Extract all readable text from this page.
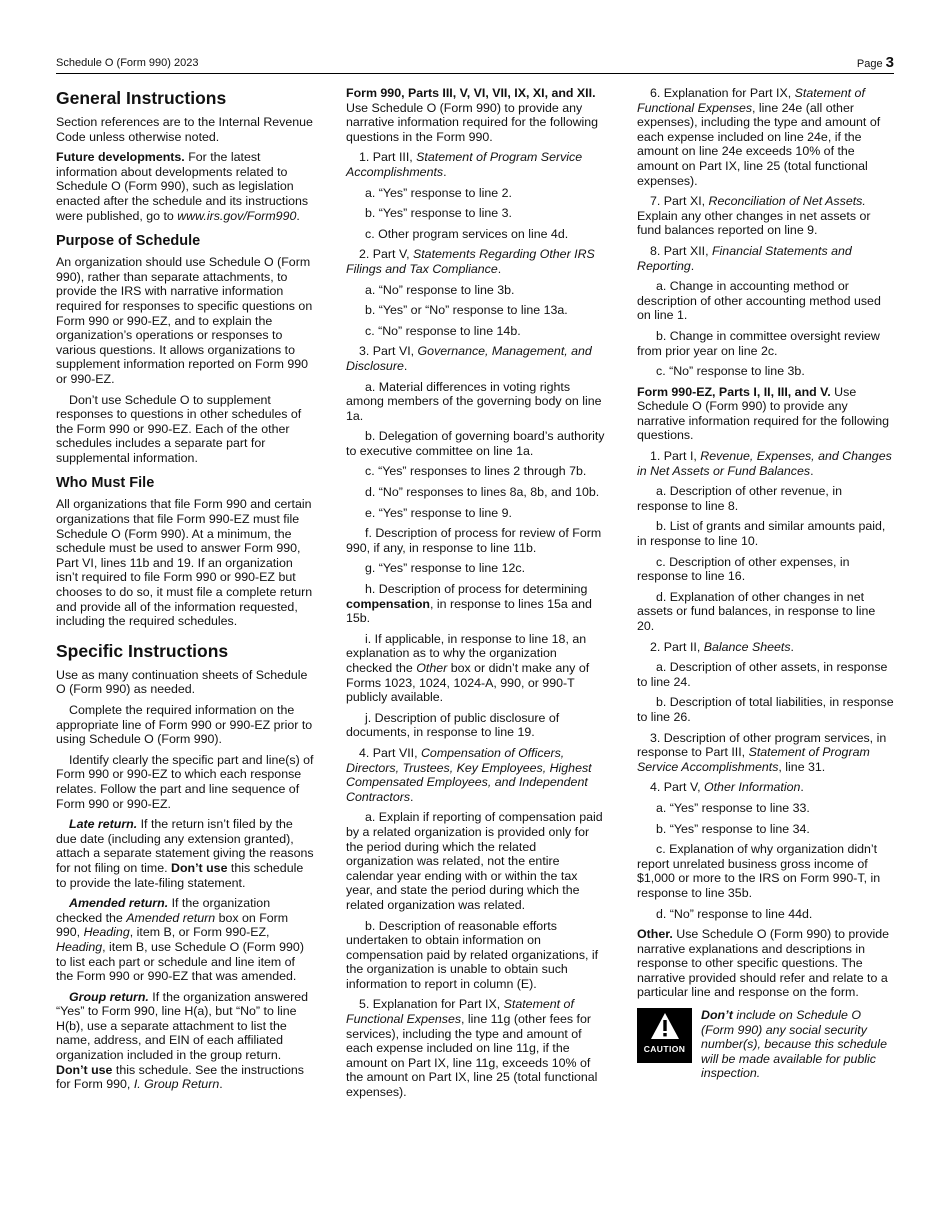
Schedule O (Form 990) 2023	Page 3
General Instructions

Section references are to the Internal Revenue Code unless otherwise noted.

Future developments. For the latest information about developments related to Schedule O (Form 990), such as legislation enacted after the schedule and its instructions were published, go to www.irs.gov/Form990.

Purpose of Schedule

An organization should use Schedule O (Form 990), rather than separate attachments, to provide the IRS with narrative information required for responses to specific questions on Form 990 or 990-EZ, and to explain the organization’s operations or responses to various questions. It allows organizations to supplement information reported on Form 990 or 990-EZ.

Don’t use Schedule O to supplement responses to questions in other schedules of the Form 990 or 990-EZ. Each of the other schedules includes a separate part for supplemental information.

Who Must File

All organizations that file Form 990 and certain organizations that file Form 990-EZ must file Schedule O (Form 990). At a minimum, the schedule must be used to answer Form 990, Part VI, lines 11b and 19. If an organization isn’t required to file Form 990 or 990-EZ but chooses to do so, it must file a complete return and provide all of the information requested, including the required schedules.

Specific Instructions

Use as many continuation sheets of Schedule O (Form 990) as needed.

Complete the required information on the appropriate line of Form 990 or 990-EZ prior to using Schedule O (Form 990).

Identify clearly the specific part and line(s) of Form 990 or 990-EZ to which each response relates. Follow the part and line sequence of Form 990 or 990-EZ.

Late return. If the return isn’t filed by the due date (including any extension granted), attach a separate statement giving the reasons for not filing on time. Don’t use this schedule to provide the late-filing statement.

Amended return. If the organization checked the Amended return box on Form 990, Heading, item B, or Form 990-EZ, Heading, item B, use Schedule O (Form 990) to list each part or schedule and line item of the Form 990 or 990-EZ that was amended.

Group return. If the organization answered “Yes” to Form 990, line H(a), but “No” to line H(b), use a separate attachment to list the name, address, and EIN of each affiliated organization included in the group return. Don’t use this schedule. See the instructions for Form 990, I. Group Return.

Form 990, Parts III, V, VI, VII, IX, XI, and XII. Use Schedule O (Form 990) to provide any narrative information required for the following questions in the Form 990.

1. Part III, Statement of Program Service Accomplishments.

a. “Yes” response to line 2.

b. “Yes” response to line 3.

c. Other program services on line 4d.

2. Part V, Statements Regarding Other IRS Filings and Tax Compliance.

a. “No” response to line 3b.

b. “Yes” or “No” response to line 13a.

c. “No” response to line 14b.

3. Part VI, Governance, Management, and Disclosure.

a. Material differences in voting rights among members of the governing body on line 1a.

b. Delegation of governing board’s authority to executive committee on line 1a.

c. “Yes” responses to lines 2 through 7b.

d. “No” responses to lines 8a, 8b, and 10b.

e. “Yes” response to line 9.

f. Description of process for review of Form 990, if any, in response to line 11b.

g. “Yes” response to line 12c.

h. Description of process for determining compensation, in response to lines 15a and 15b.

i. If applicable, in response to line 18, an explanation as to why the organization checked the Other box or didn’t make any of Forms 1023, 1024, 1024-A, 990, or 990-T publicly available.

j. Description of public disclosure of documents, in response to line 19.

4. Part VII, Compensation of Officers, Directors, Trustees, Key Employees, Highest Compensated Employees, and Independent Contractors.

a. Explain if reporting of compensation paid by a related organization is provided only for the period during which the related organization was related, not the entire calendar year ending with or within the tax year, and state the period during which the related organization was related.

b. Description of reasonable efforts undertaken to obtain information on compensation paid by related organizations, if the organization is unable to obtain such information to report in column (E).

5. Explanation for Part IX, Statement of Functional Expenses, line 11g (other fees for services), including the type and amount of each expense included on line 11g, if the amount on Part IX, line 11g, exceeds 10% of the amount on Part IX, line 25 (total functional expenses).

6. Explanation for Part IX, Statement of Functional Expenses, line 24e (all other expenses), including the type and amount of each expense included on line 24e, if the amount on line 24e exceeds 10% of the amount on Part IX, line 25 (total functional expenses).

7. Part XI, Reconciliation of Net Assets. Explain any other changes in net assets or fund balances reported on line 9.

8. Part XII, Financial Statements and Reporting.

a. Change in accounting method or description of other accounting method used on line 1.

b. Change in committee oversight review from prior year on line 2c.

c. “No” response to line 3b.

Form 990-EZ, Parts I, II, III, and V. Use Schedule O (Form 990) to provide any narrative information required for the following questions.

1. Part I, Revenue, Expenses, and Changes in Net Assets or Fund Balances.

a. Description of other revenue, in response to line 8.

b. List of grants and similar amounts paid, in response to line 10.

c. Description of other expenses, in response to line 16.

d. Explanation of other changes in net assets or fund balances, in response to line 20.

2. Part II, Balance Sheets.

a. Description of other assets, in response to line 24.

b. Description of total liabilities, in response to line 26.

3. Description of other program services, in response to Part III, Statement of Program Service Accomplishments, line 31.

4. Part V, Other Information.

a. “Yes” response to line 33.

b. “Yes” response to line 34.

c. Explanation of why organization didn’t report unrelated business gross income of $1,000 or more to the IRS on Form 990-T, in response to line 35b.

d. “No” response to line 44d.

Other. Use Schedule O (Form 990) to provide narrative explanations and descriptions in response to other specific questions. The narrative provided should refer and relate to a particular line and response on the form.

CAUTION
Don’t include on Schedule O (Form 990) any social security number(s), because this schedule will be made available for public inspection.
